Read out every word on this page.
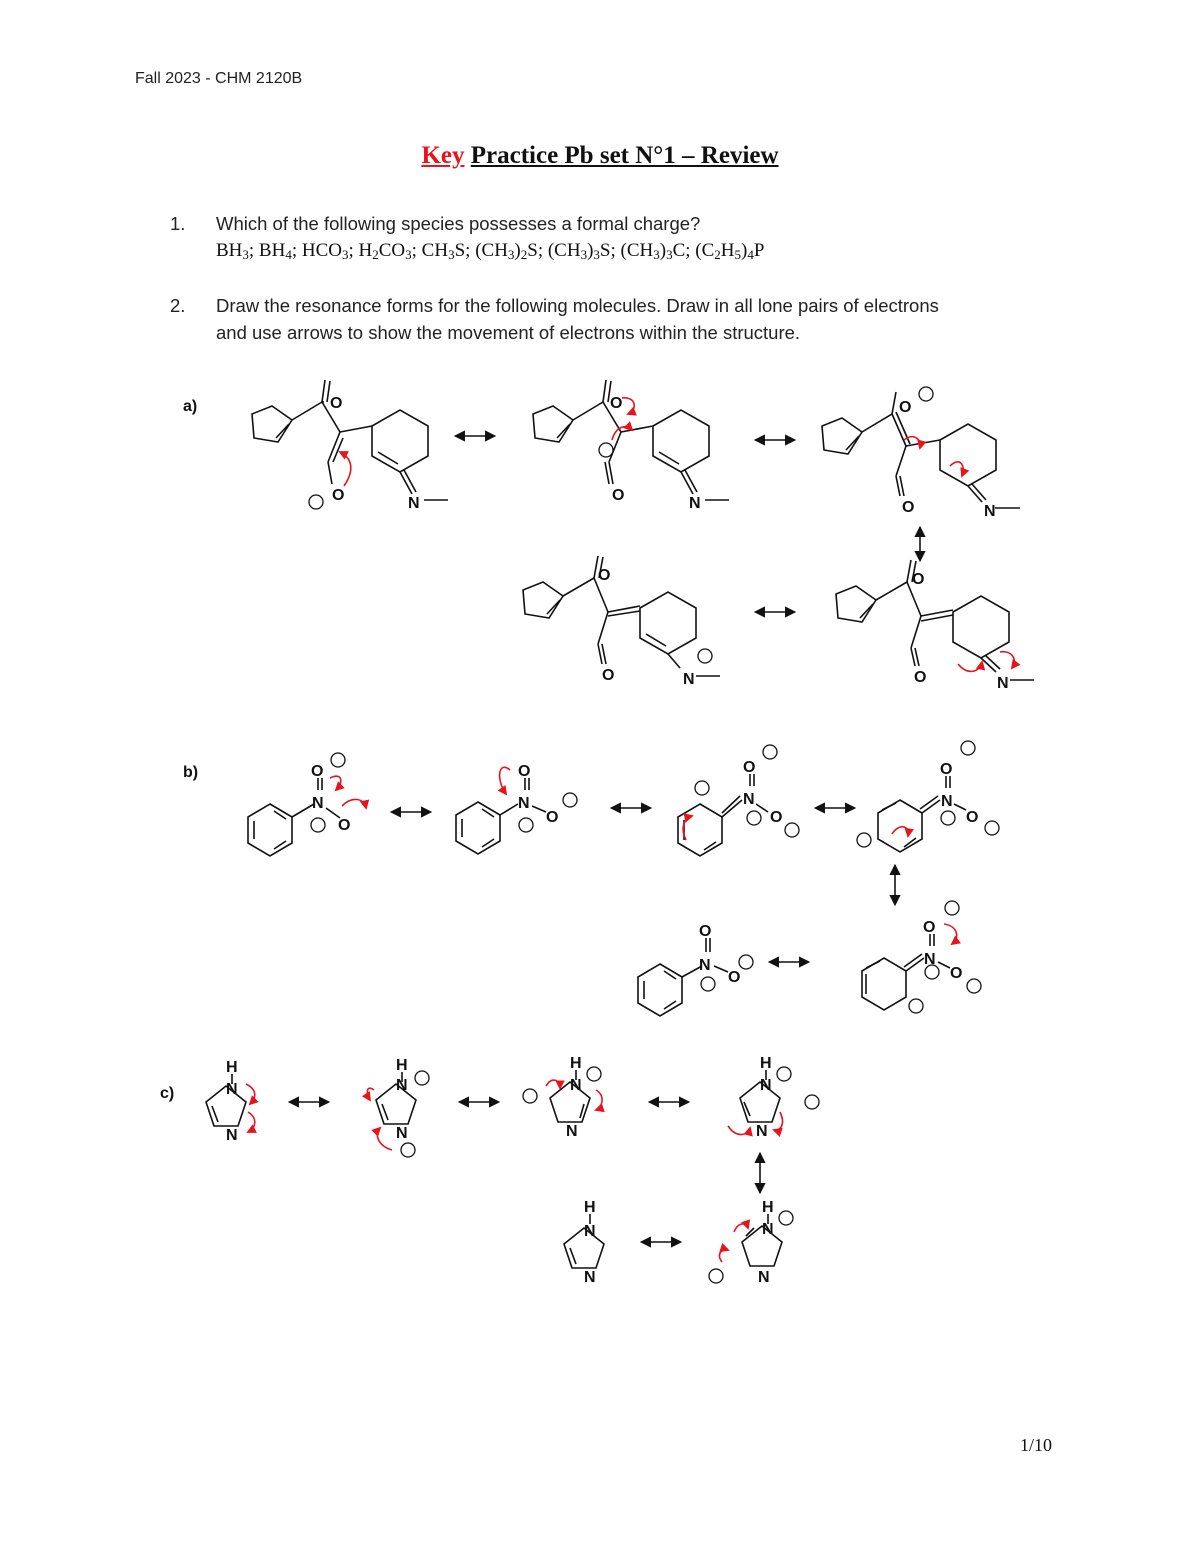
Fall 2023 - CHM 2120B
Key Practice Pb set N°1 – Review
1.	Which of the following species possesses a formal charge?
$BH_3$; $BH_4$; $HCO_3$; $H_2CO_3$; $CH_3S$; $(CH_3)_2S$; $(CH_3)_3S$; $(CH_3)_3C$; $(C_2H_5)_4P$
2.	Draw the resonance forms for the following molecules. Draw in all lone pairs of electrons
and use arrows to show the movement of electrons within the structure.
a)
b)
c)
O
O	N
O
O	N
O
O	N
O
O	N
O
O	N
O
N
O
O
N
O
O
N
O
O
N
O
O
N
O
O
N
O
H
N
N
H
N
N
H
N
N
H
N
N
H
N
N
H
N
N
1/10
